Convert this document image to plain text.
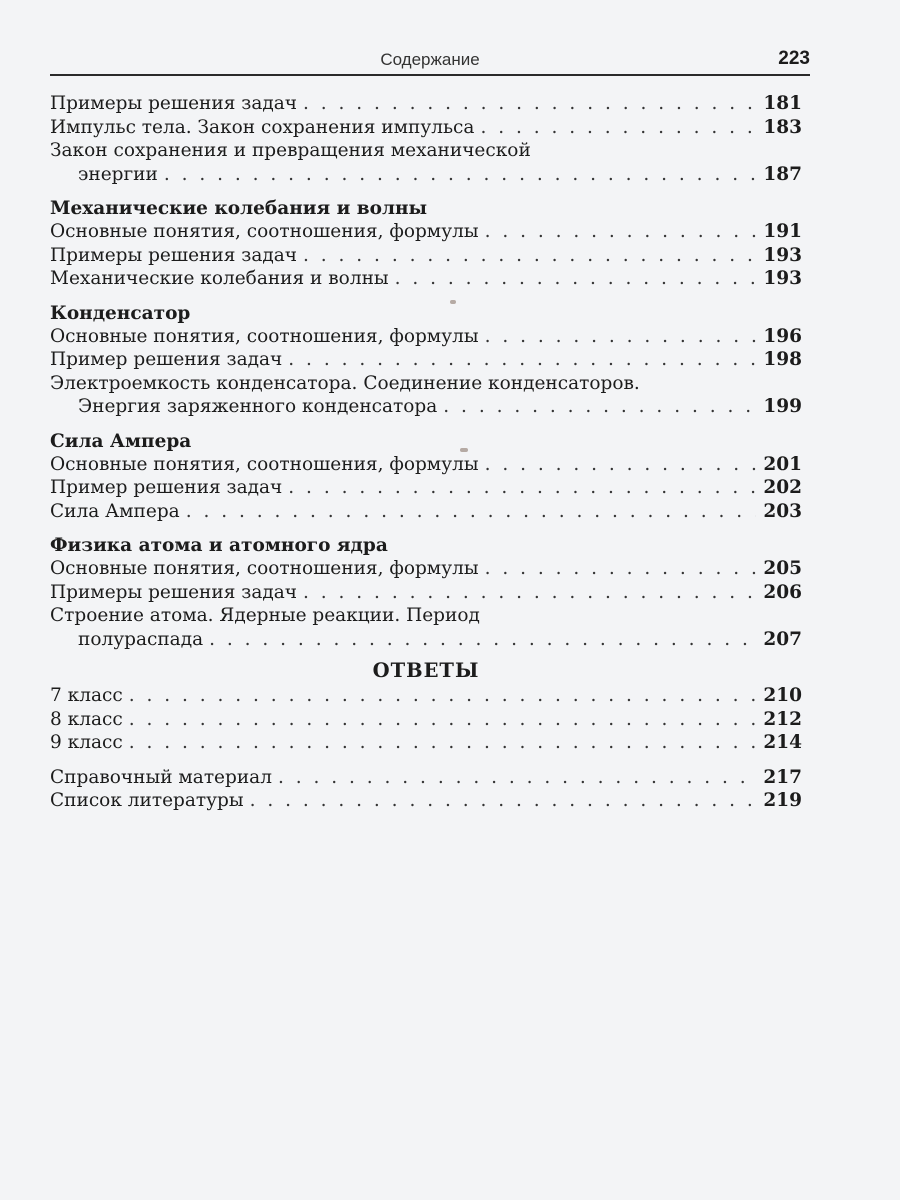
Содержание	223
Примеры решения задач . . .	181
Импульс тела. Закон сохранения импульса . . .	183
Закон сохранения и превращения механической
энергии . . .	187
Механические колебания и волны
Основные понятия, соотношения, формулы . . .	191
Примеры решения задач . . .	193
Механические колебания и волны . . .	193
Конденсатор
Основные понятия, соотношения, формулы . . .	196
Пример решения задач . . .	198
Электроемкость конденсатора. Соединение конденсаторов.
Энергия заряженного конденсатора . . .	199
Сила Ампера
Основные понятия, соотношения, формулы . . .	201
Пример решения задач . . .	202
Сила Ампера . . .	203
Физика атома и атомного ядра
Основные понятия, соотношения, формулы . . .	205
Примеры решения задач . . .	206
Строение атома. Ядерные реакции. Период
полураспада . . .	207
ОТВЕТЫ
7 класс . . .	210
8 класс . . .	212
9 класс . . .	214
Справочный материал . . .	217
Список литературы . . .	219
